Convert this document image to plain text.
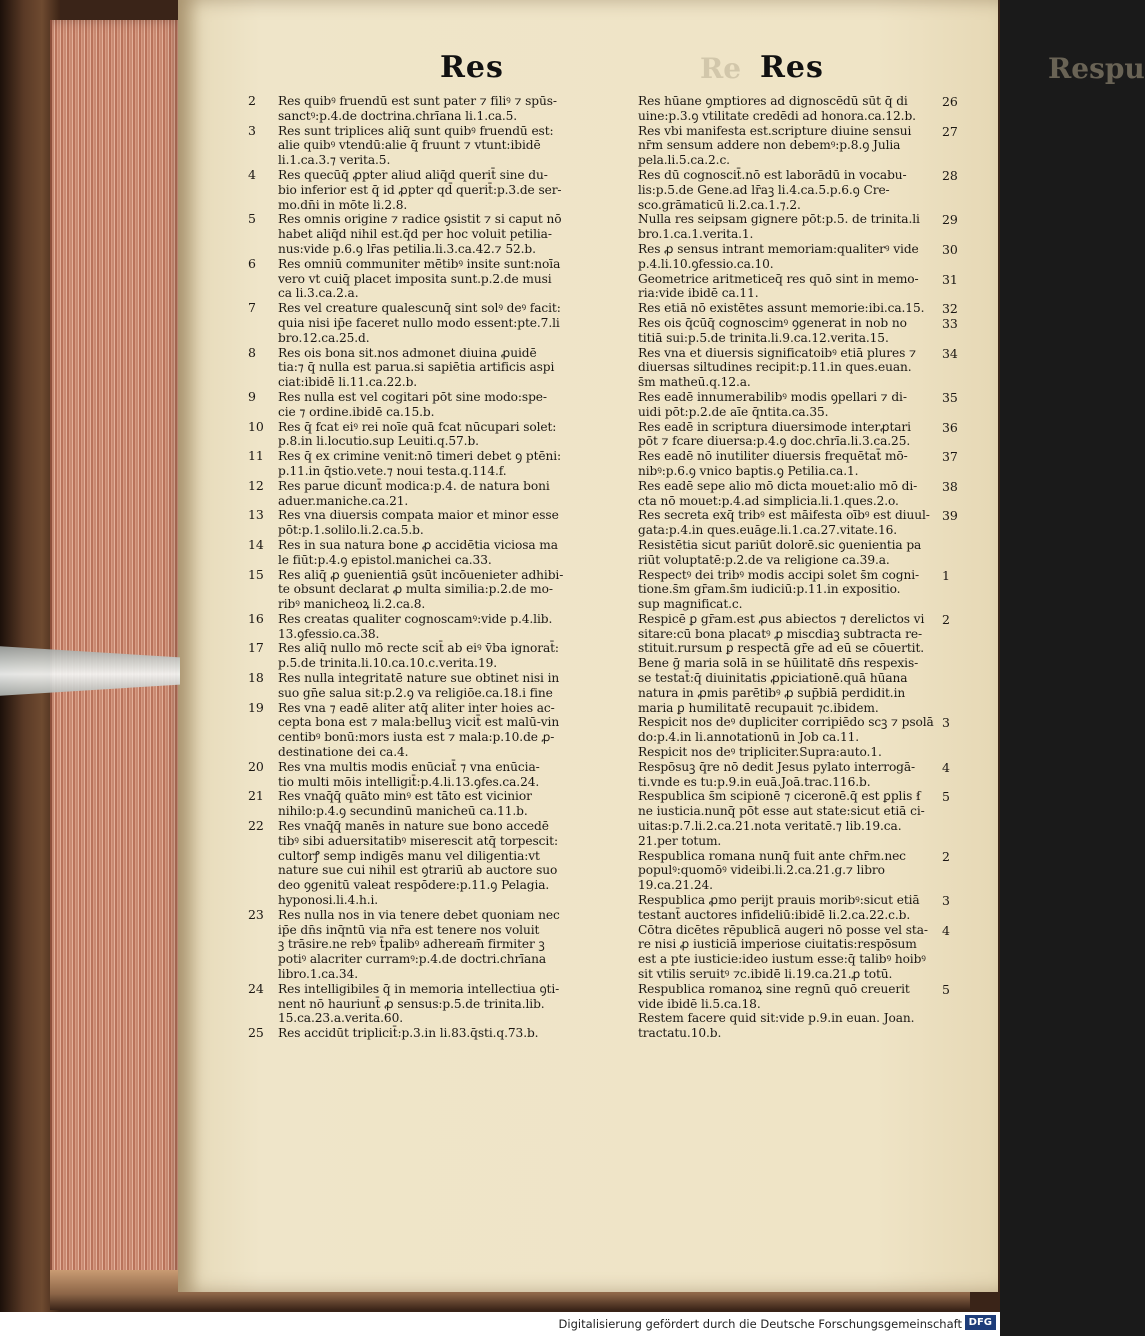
Re	Respu
Res	Res
2 Res quibꝰ fruendū est sunt pater ⁊ filiꝰ ⁊ spūs-
sanctꝰ:p.4.de doctrina.chrīana li.1.ca.5.
3 Res sunt triplices aliq̄ sunt quibꝰ fruendū est:
alie quibꝰ vtendū:alie q̄ fruunt ⁊ vtunt:ibidē
li.1.ca.3.⁊ verita.5.
4 Res quecūq̄ ꝓpter aliud aliq̄d querit̄ sine du-
bio inferior est q̄ id ꝓpter qd̄ querit̄:p.3.de ser-
mo.dn̄i in mōte li.2.8.
5 Res omnis origine ⁊ radice ꝯsistit ⁊ si caput nō
habet aliq̄d nihil est.q̄d per hoc voluit petilia-
nus:vide p.6.ꝯ lr̄as petilia.li.3.ca.42.⁊ 52.b.
6 Res omniū communiter mētibꝰ insite sunt:noīa
vero vt cuiq̄ placet imposita sunt.p.2.de musi
ca li.3.ca.2.a.
7 Res vel creature qualescunq̄ sint solꝰ deꝰ facit:
quia nisi ip̄e faceret nullo modo essent:pte.7.li
bro.12.ca.25.d.
8 Res ois bona sit.nos admonet diuina ꝓuidē
tia:⁊ q̄ nulla est parua.si sapiētia artificis aspi
ciat:ibidē li.11.ca.22.b.
9 Res nulla est vel cogitari pōt sine modo:spe-
cie ⁊ ordine.ibidē ca.15.b.
10 Res q̄ fcat eiꝰ rei noīe quā fcat nūcupari solet:
p.8.in li.locutio.sup Leuiti.q.57.b.
11 Res q̄ ex crimine venit:nō timeri debet ꝯ ptēni:
p.11.in q̄stio.vete.⁊ noui testa.q.114.f.
12 Res parue dicunt̄ modica:p.4. de natura boni
aduer.maniche.ca.21.
13 Res vna diuersis compata maior et minor esse
pōt:p.1.solilo.li.2.ca.5.b.
14 Res in sua natura bone ꝓ accidētia viciosa ma
le fiūt:p.4.ꝯ epistol.manichei ca.33.
15 Res aliq̄ ꝓ ꝯuenientiā ꝯsūt incōuenieter adhibi-
te obsunt declarat ꝓ multa similia:p.2.de mo-
ribꝰ manicheoꝝ li.2.ca.8.
16 Res creatas qualiter cognoscamꝰ:vide p.4.lib.
13.ꝯfessio.ca.38.
17 Res aliq̄ nullo mō recte scit̄ ab eiꝰ v̄ba ignorat̄:
p.5.de trinita.li.10.ca.10.c.verita.19.
18 Res nulla integritatē nature sue obtinet nisi in
suo gn̄e salua sit:p.2.ꝯ va religiōe.ca.18.i fine
19 Res vna ⁊ eadē aliter atq̄ aliter inter hoies ac-
cepta bona est ⁊ mala:belluꝫ vicit̄ est malū-vin
centibꝰ bonū:mors iusta est ⁊ mala:p.10.de ꝓ-
destinatione dei ca.4.
20 Res vna multis modis enūciat̄ ⁊ vna enūcia-
tio multi mōis intelligit̄:p.4.li.13.ꝯfes.ca.24.
21 Res vnaq̄q̄ quāto minꝰ est tāto est vicinior
nihilo:p.4.ꝯ secundinū manicheū ca.11.b.
22 Res vnaq̄q̄ manēs in nature sue bono accedē
tibꝰ sibi aduersitatibꝰ miserescit atq̄ torpescit:
cultorꝭ semp indigēs manu vel diligentia:vt
nature sue cui nihil est ꝯtrariū ab auctore suo
deo ꝯgenitū valeat respōdere:p.11.ꝯ Pelagia.
hyponosi.li.4.h.i.
23 Res nulla nos in via tenere debet quoniam nec
ip̄e dn̄s inq̄ntū via nr̄a est tenere nos voluit
ꝫ trāsire.ne rebꝰ t̄palibꝰ adheream̄ firmiter ꝫ
potiꝰ alacriter curramꝰ:p.4.de doctri.chrīana
libro.1.ca.34.
24 Res intelligibiles q̄ in memoria intellectiua ꝯti-
nent nō hauriunt̄ ꝓ sensus:p.5.de trinita.lib.
15.ca.23.a.verita.60.
25 Res accidūt triplicit̄:p.3.in li.83.q̄sti.q.73.b.
26
Res hūane ꝯmptiores ad dignoscēdū sūt q̄ di
uine:p.3.ꝯ vtilitate credēdi ad honora.ca.12.b.
27
Res vbi manifesta est.scripture diuine sensui
nr̄m sensum addere non debemꝰ:p.8.ꝯ Julia
pela.li.5.ca.2.c.
28
Res dū cognoscit̄.nō est laborādū in vocabu-
lis:p.5.de Gene.ad lr̄aꝫ li.4.ca.5.p.6.ꝯ Cre-
sco.grāmaticū li.2.ca.1.⁊.2.
29
Nulla res seipsam gignere pōt:p.5. de trinita.li
bro.1.ca.1.verita.1.
30
Res ꝓ sensus intrant memoriam:qualiterꝰ vide
p.4.li.10.ꝯfessio.ca.10.
31
Geometrice aritmeticeq̄ res quō sint in memo-
ria:vide ibidē ca.11.
32
Res etiā nō existētes assunt memorie:ibi.ca.15.
33
Res ois q̄cūq̄ cognoscimꝰ ꝯgenerat in nob no
titiā sui:p.5.de trinita.li.9.ca.12.verita.15.
34
Res vna et diuersis significatoibꝰ etiā plures ⁊
diuersas siltudines recipit:p.11.in ques.euan.
s̄m matheū.q.12.a.
35
Res eadē innumerabilibꝰ modis ꝯpellari ⁊ di-
uidi pōt:p.2.de aīe q̄ntita.ca.35.
36
Res eadē in scriptura diuersimode interꝓtari
pōt ⁊ fcare diuersa:p.4.ꝯ doc.chrīa.li.3.ca.25.
37
Res eadē nō inutiliter diuersis frequētat̄ mō-
nibꝰ:p.6.ꝯ vnico baptis.ꝯ Petilia.ca.1.
38
Res eadē sepe alio mō dicta mouet:alio mō di-
cta nō mouet:p.4.ad simplicia.li.1.ques.2.o.
39
Res secreta exq̄ tribꝰ est māifesta oībꝰ est diuul-
gata:p.4.in ques.euāge.li.1.ca.27.vitate.16.
Resistētia sicut pariūt dolorē.sic ꝯuenientia pa
riūt voluptatē:p.2.de va religione ca.39.a.
1
Respectꝰ dei tribꝰ modis accipi solet s̄m cogni-
tione.s̄m gr̄am.s̄m iudiciū:p.11.in expositio.
sup magnificat.c.
2
Respicē ꝑ gr̄am.est ꝓus abiectos ⁊ derelictos vi
sitare:cū bona placatꝰ ꝓ miscdiaꝫ subtracta re-
stituit.rursum ꝑ respectā gr̄e ad eū se cōuertit.
Bene ḡ maria solā in se hūilitatē dn̄s respexis-
se testat̄:q̄ diuinitatis ꝓpiciationē.quā hūana
natura in ꝓmis parētibꝰ ꝓ sup̄biā perdidit.in
maria ꝑ humilitatē recupauit ⁊c.ibidem.
3
Respicit nos deꝰ dupliciter corripiēdo scꝫ ⁊ psolā
do:p.4.in li.annotationū in Job ca.11.
Respicit nos deꝰ tripliciter.Supra:auto.1.
4
Respōsuꝫ q̄re nō dedit Jesus pylato interrogā-
ti.vnde es tu:p.9.in euā.Joā.trac.116.b.
5
Respublica s̄m scipionē ⁊ ciceronē.q̄ est ꝑplis ẜ
ne iusticia.nunq̄ pōt esse aut state:sicut etiā ci-
uitas:p.7.li.2.ca.21.nota veritatē.⁊ lib.19.ca.
21.per totum.
2
Respublica romana nunq̄ fuit ante chr̄m.nec
populꝰ:quomōꝰ videibi.li.2.ca.21.g.⁊ libro
19.ca.21.24.
3
Respublica ꝓmo perijt prauis moribꝰ:sicut etiā
testant̄ auctores infideliū:ibidē li.2.ca.22.c.b.
4
Cōtra dicētes rēpublicā augeri nō posse vel sta-
re nisi ꝓ iusticiā imperiose ciuitatis:respōsum
est a pte iusticie:ideo iustum esse:q̄ talibꝰ hoibꝰ
sit vtilis seruitꝰ ⁊c.ibidē li.19.ca.21.ꝓ totū.
5
Respublica romanoꝝ sine regnū quō creuerit
vide ibidē li.5.ca.18.
Restem facere quid sit:vide p.9.in euan. Joan.
tractatu.10.b.
Digitalisierung gefördert durch die Deutsche Forschungsgemeinschaft DFG
